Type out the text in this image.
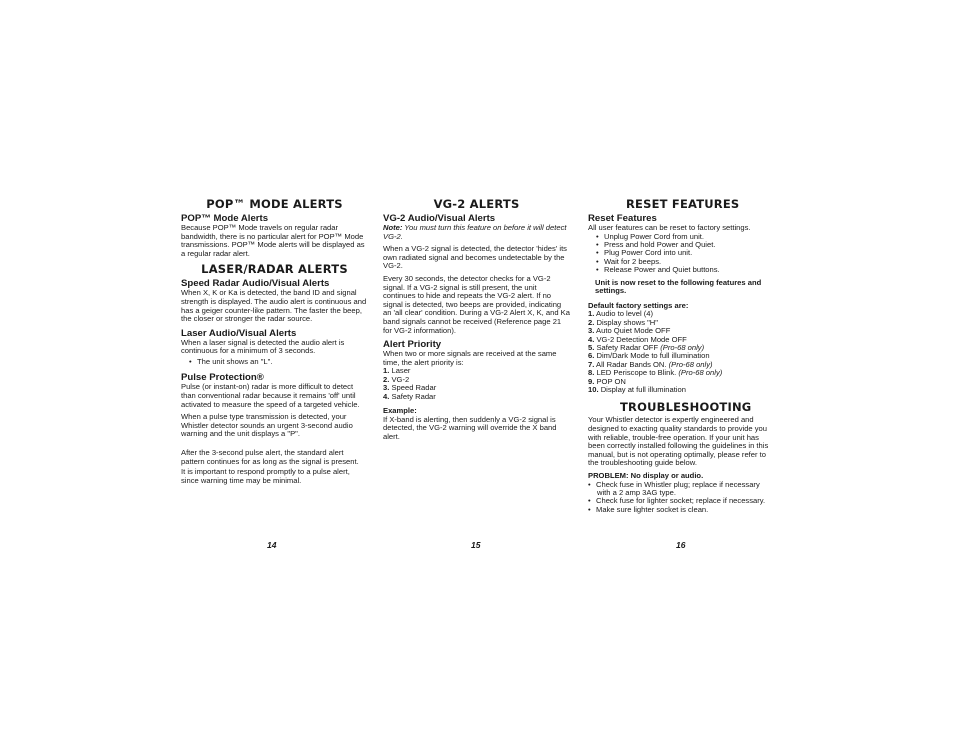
POP™ MODE ALERTS
POP™ Mode Alerts

Because POP™ Mode travels on regular radar bandwidth, there is no particular alert for POP™ Mode transmissions. POP™ Mode alerts will be displayed as a regular radar alert.

LASER/RADAR ALERTS
Speed Radar Audio/Visual Alerts

When X, K or Ka is detected, the band ID and signal strength is displayed. The audio alert is continuous and has a geiger counter-like pattern. The faster the beep, the closer or stronger the radar source.

Laser Audio/Visual Alerts

When a laser signal is detected the audio alert is continuous for a minimum of 3 seconds.

• The unit shows an "L".
Pulse Protection®

Pulse (or instant-on) radar is more difficult to detect than conventional radar because it remains 'off' until activated to measure the speed of a targeted vehicle.

When a pulse type transmission is detected, your Whistler detector sounds an urgent 3-second audio warning and the unit displays a "P".

After the 3-second pulse alert, the standard alert pattern continues for as long as the signal is present.

It is important to respond promptly to a pulse alert, since warning time may be minimal.

14
VG-2 ALERTS
VG-2 Audio/Visual Alerts

Note: You must turn this feature on before it will detect VG-2.

When a VG-2 signal is detected, the detector 'hides' its own radiated signal and becomes undetectable by the VG-2.

Every 30 seconds, the detector checks for a VG-2 signal. If a VG-2 signal is still present, the unit continues to hide and repeats the VG-2 alert. If no signal is detected, two beeps are provided, indicating an 'all clear' condition. During a VG-2 Alert X, K, and Ka band signals cannot be received (Reference page 21 for VG-2 information).

Alert Priority

When two or more signals are received at the same time, the alert priority is:

1. Laser
2. VG-2
3. Speed Radar
4. Safety Radar

Example:

If X-band is alerting, then suddenly a VG-2 signal is detected, the VG-2 warning will override the X band alert.

15
RESET FEATURES
Reset Features

All user features can be reset to factory settings.

• Unplug Power Cord from unit.
• Press and hold Power and Quiet.
• Plug Power Cord into unit.
• Wait for 2 beeps.
• Release Power and Quiet buttons.

Unit is now reset to the following features and settings.

Default factory settings are:

1. Audio to level (4)
2. Display shows "H"
3. Auto Quiet Mode OFF
4. VG-2 Detection Mode OFF
5. Safety Radar OFF (Pro-68 only)
6. Dim/Dark Mode to full illumination
7. All Radar Bands ON. (Pro-68 only)
8. LED Periscope to Blink. (Pro-68 only)
9. POP ON
10. Display at full illumination
TROUBLESHOOTING

Your Whistler detector is expertly engineered and designed to exacting quality standards to provide you with reliable, trouble-free operation. If your unit has been correctly installed following the guidelines in this manual, but is not operating optimally, please refer to the troubleshooting guide below.

PROBLEM: No display or audio.

• Check fuse in Whistler plug; replace if necessary with a 2 amp 3AG type.
• Check fuse for lighter socket; replace if necessary.
• Make sure lighter socket is clean.
16
